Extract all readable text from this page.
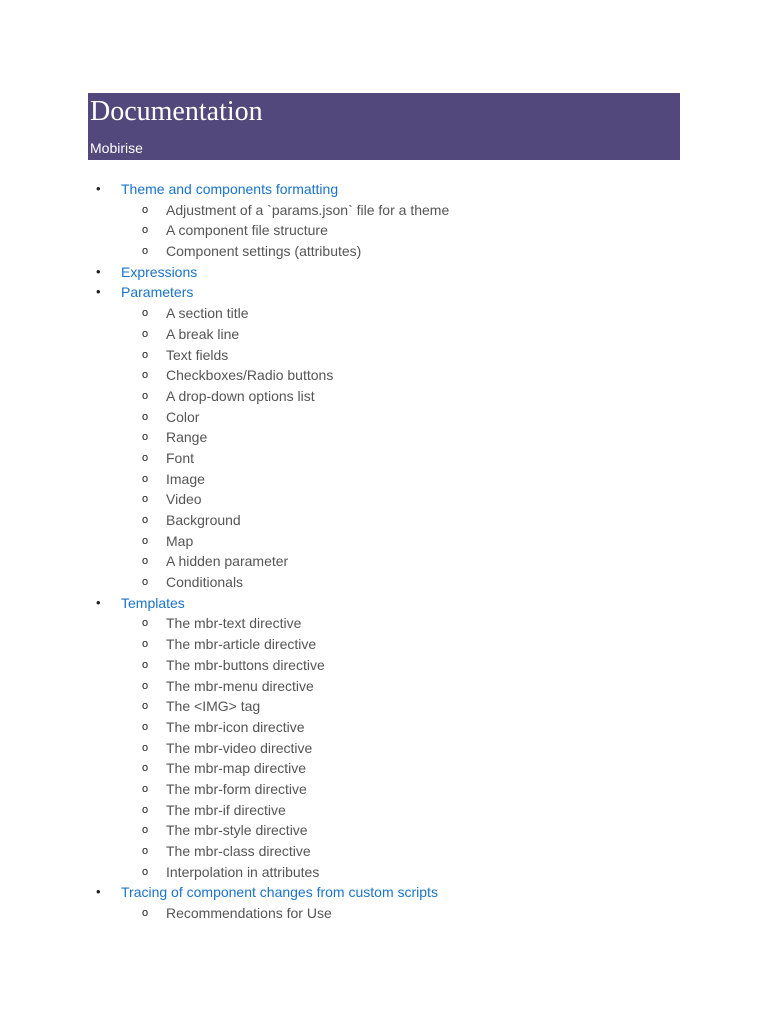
Documentation
Mobirise
• Theme and components formatting
o Adjustment of a `params.json` file for a theme
o A component file structure
o Component settings (attributes)
• Expressions
• Parameters
o A section title
o A break line
o Text fields
o Checkboxes/Radio buttons
o A drop-down options list
o Color
o Range
o Font
o Image
o Video
o Background
o Map
o A hidden parameter
o Conditionals
• Templates
o The mbr-text directive
o The mbr-article directive
o The mbr-buttons directive
o The mbr-menu directive
o The <IMG> tag
o The mbr-icon directive
o The mbr-video directive
o The mbr-map directive
o The mbr-form directive
o The mbr-if directive
o The mbr-style directive
o The mbr-class directive
o Interpolation in attributes
• Tracing of component changes from custom scripts
o Recommendations for Use
